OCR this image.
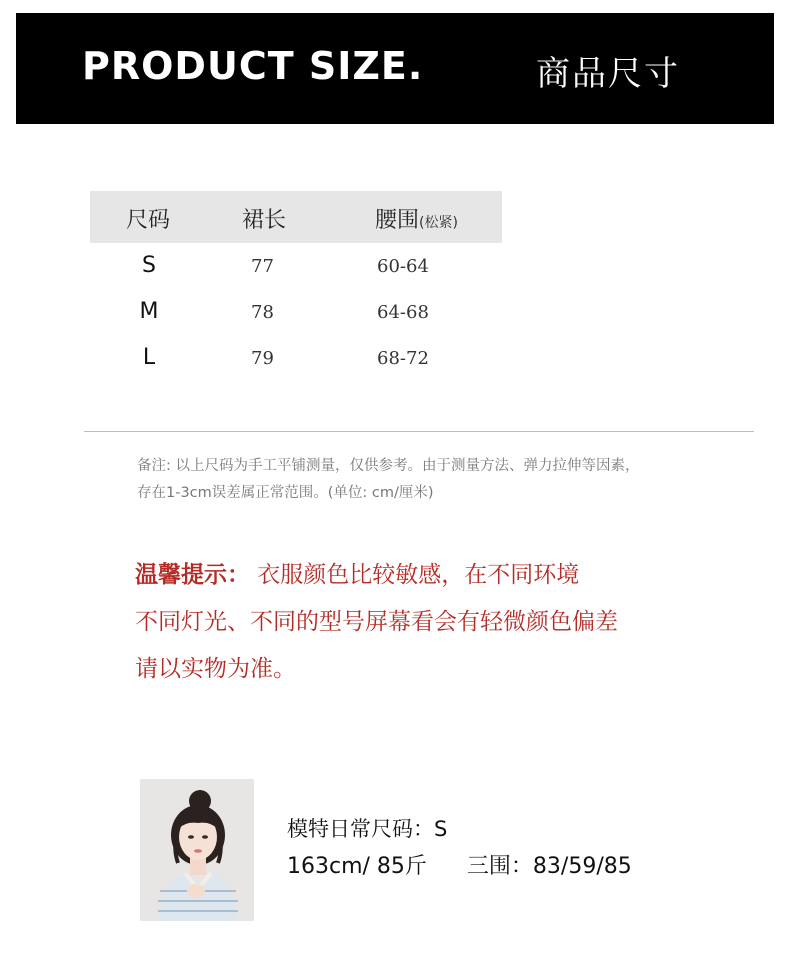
PRODUCT SIZE.	商品尺寸
尺码	裙长	腰围(松紧)
S	77	60-64
M	78	64-68
L	79	68-72
备注: 以上尺码为手工平铺测量，仅供参考。由于测量方法、弹力拉伸等因素，
存在1-3cm误差属正常范围。(单位: cm/厘米)
温馨提示： 衣服颜色比较敏感，在不同环境
不同灯光、不同的型号屏幕看会有轻微颜色偏差
请以实物为准。
模特日常尺码：S
163cm/ 85斤 三围：83/59/85
